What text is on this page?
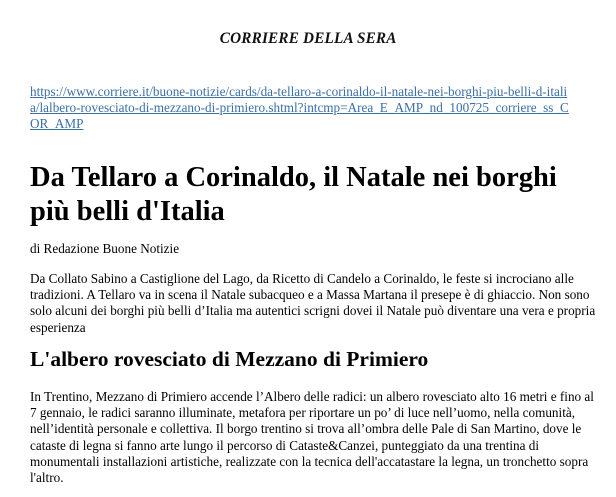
CORRIERE DELLA SERA
https://www.corriere.it/buone-notizie/cards/da-tellaro-a-corinaldo-il-natale-nei-borghi-piu-belli-d-italia/lalbero-rovesciato-di-mezzano-di-primiero.shtml?intcmp=Area_E_AMP_nd_100725_corriere_ss_COR_AMP
Da Tellaro a Corinaldo, il Natale nei borghi più belli d'Italia
di Redazione Buone Notizie

Da Collato Sabino a Castiglione del Lago, da Ricetto di Candelo a Corinaldo, le feste si incrociano alle tradizioni. A Tellaro va in scena il Natale subacqueo e a Massa Martana il presepe è di ghiaccio. Non sono solo alcuni dei borghi più belli d’Italia ma autentici scrigni dovei il Natale può diventare una vera e propria esperienza

L'albero rovesciato di Mezzano di Primiero

In Trentino, Mezzano di Primiero accende l’Albero delle radici: un albero rovesciato alto 16 metri e fino al 7 gennaio, le radici saranno illuminate, metafora per riportare un po’ di luce nell’uomo, nella comunità, nell’identità personale e collettiva. Il borgo trentino si trova all’ombra delle Pale di San Martino, dove le cataste di legna si fanno arte lungo il percorso di Cataste&Canzei, punteggiato da una trentina di monumentali installazioni artistiche, realizzate con la tecnica dell'accatastare la legna, un tronchetto sopra l'altro.
